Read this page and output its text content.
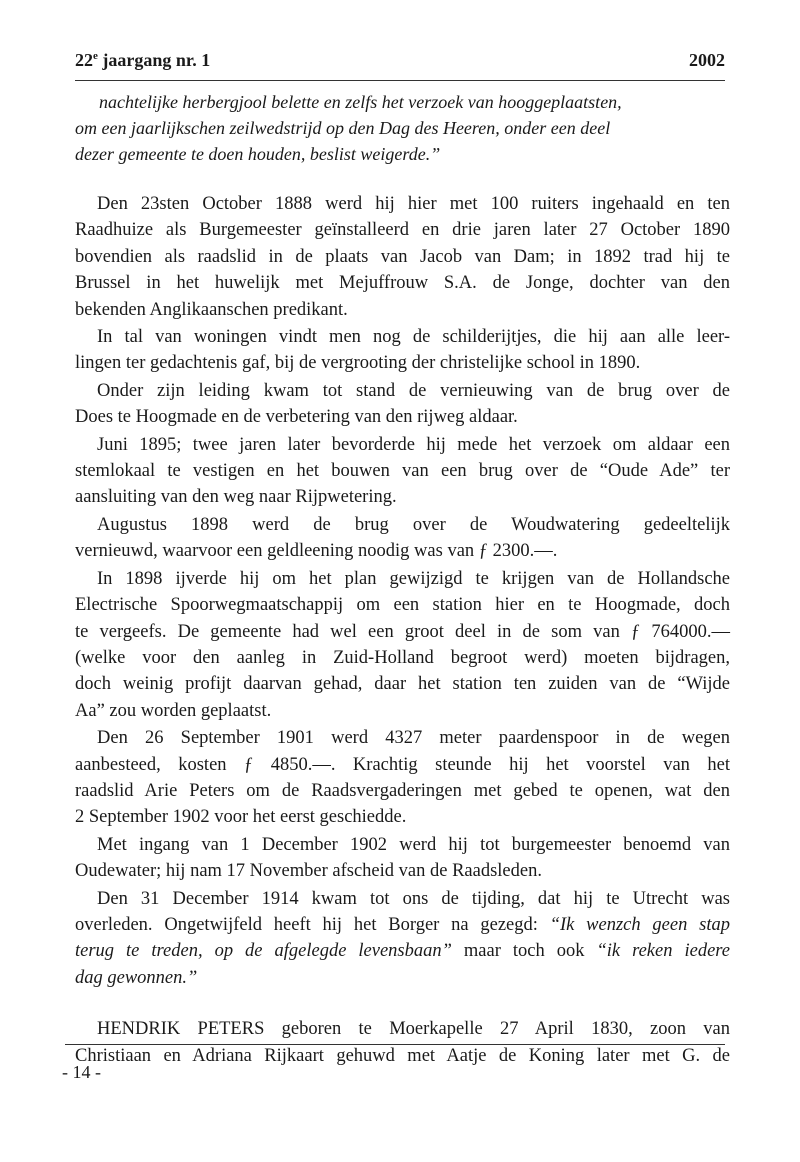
22e jaargang nr. 1	2002
nachtelijke herbergjool belette en zelfs het verzoek van hooggeplaatsten,
om een jaarlijkschen zeilwedstrijd op den Dag des Heeren, onder een deel
dezer gemeente te doen houden, beslist weigerde.”
Den 23sten October 1888 werd hij hier met 100 ruiters ingehaald en ten
Raadhuize als Burgemeester geïnstalleerd en drie jaren later 27 October 1890
bovendien als raadslid in de plaats van Jacob van Dam; in 1892 trad hij te
Brussel in het huwelijk met Mejuffrouw S.A. de Jonge, dochter van den
bekenden Anglikaanschen predikant.
In tal van woningen vindt men nog de schilderijtjes, die hij aan alle leer-
lingen ter gedachtenis gaf, bij de vergrooting der christelijke school in 1890.
Onder zijn leiding kwam tot stand de vernieuwing van de brug over de
Does te Hoogmade en de verbetering van den rijweg aldaar.
Juni 1895; twee jaren later bevorderde hij mede het verzoek om aldaar een
stemlokaal te vestigen en het bouwen van een brug over de “Oude Ade” ter
aansluiting van den weg naar Rijpwetering.
Augustus 1898 werd de brug over de Woudwatering gedeeltelijk
vernieuwd, waarvoor een geldleening noodig was van ƒ 2300.—.
In 1898 ijverde hij om het plan gewijzigd te krijgen van de Hollandsche
Electrische Spoorwegmaatschappij om een station hier en te Hoogmade, doch
te vergeefs. De gemeente had wel een groot deel in de som van ƒ 764000.—
(welke voor den aanleg in Zuid-Holland begroot werd) moeten bijdragen,
doch weinig profijt daarvan gehad, daar het station ten zuiden van de “Wijde
Aa” zou worden geplaatst.
Den 26 September 1901 werd 4327 meter paardenspoor in de wegen
aanbesteed, kosten ƒ 4850.—. Krachtig steunde hij het voorstel van het
raadslid Arie Peters om de Raadsvergaderingen met gebed te openen, wat den
2 September 1902 voor het eerst geschiedde.
Met ingang van 1 December 1902 werd hij tot burgemeester benoemd van
Oudewater; hij nam 17 November afscheid van de Raadsleden.
Den 31 December 1914 kwam tot ons de tijding, dat hij te Utrecht was
overleden. Ongetwijfeld heeft hij het Borger na gezegd: “Ik wenzch geen stap
terug te treden, op de afgelegde levensbaan” maar toch ook “ik reken iedere
dag gewonnen.”
HENDRIK PETERS geboren te Moerkapelle 27 April 1830, zoon van
Christiaan en Adriana Rijkaart gehuwd met Aatje de Koning later met G. de
- 14 -
